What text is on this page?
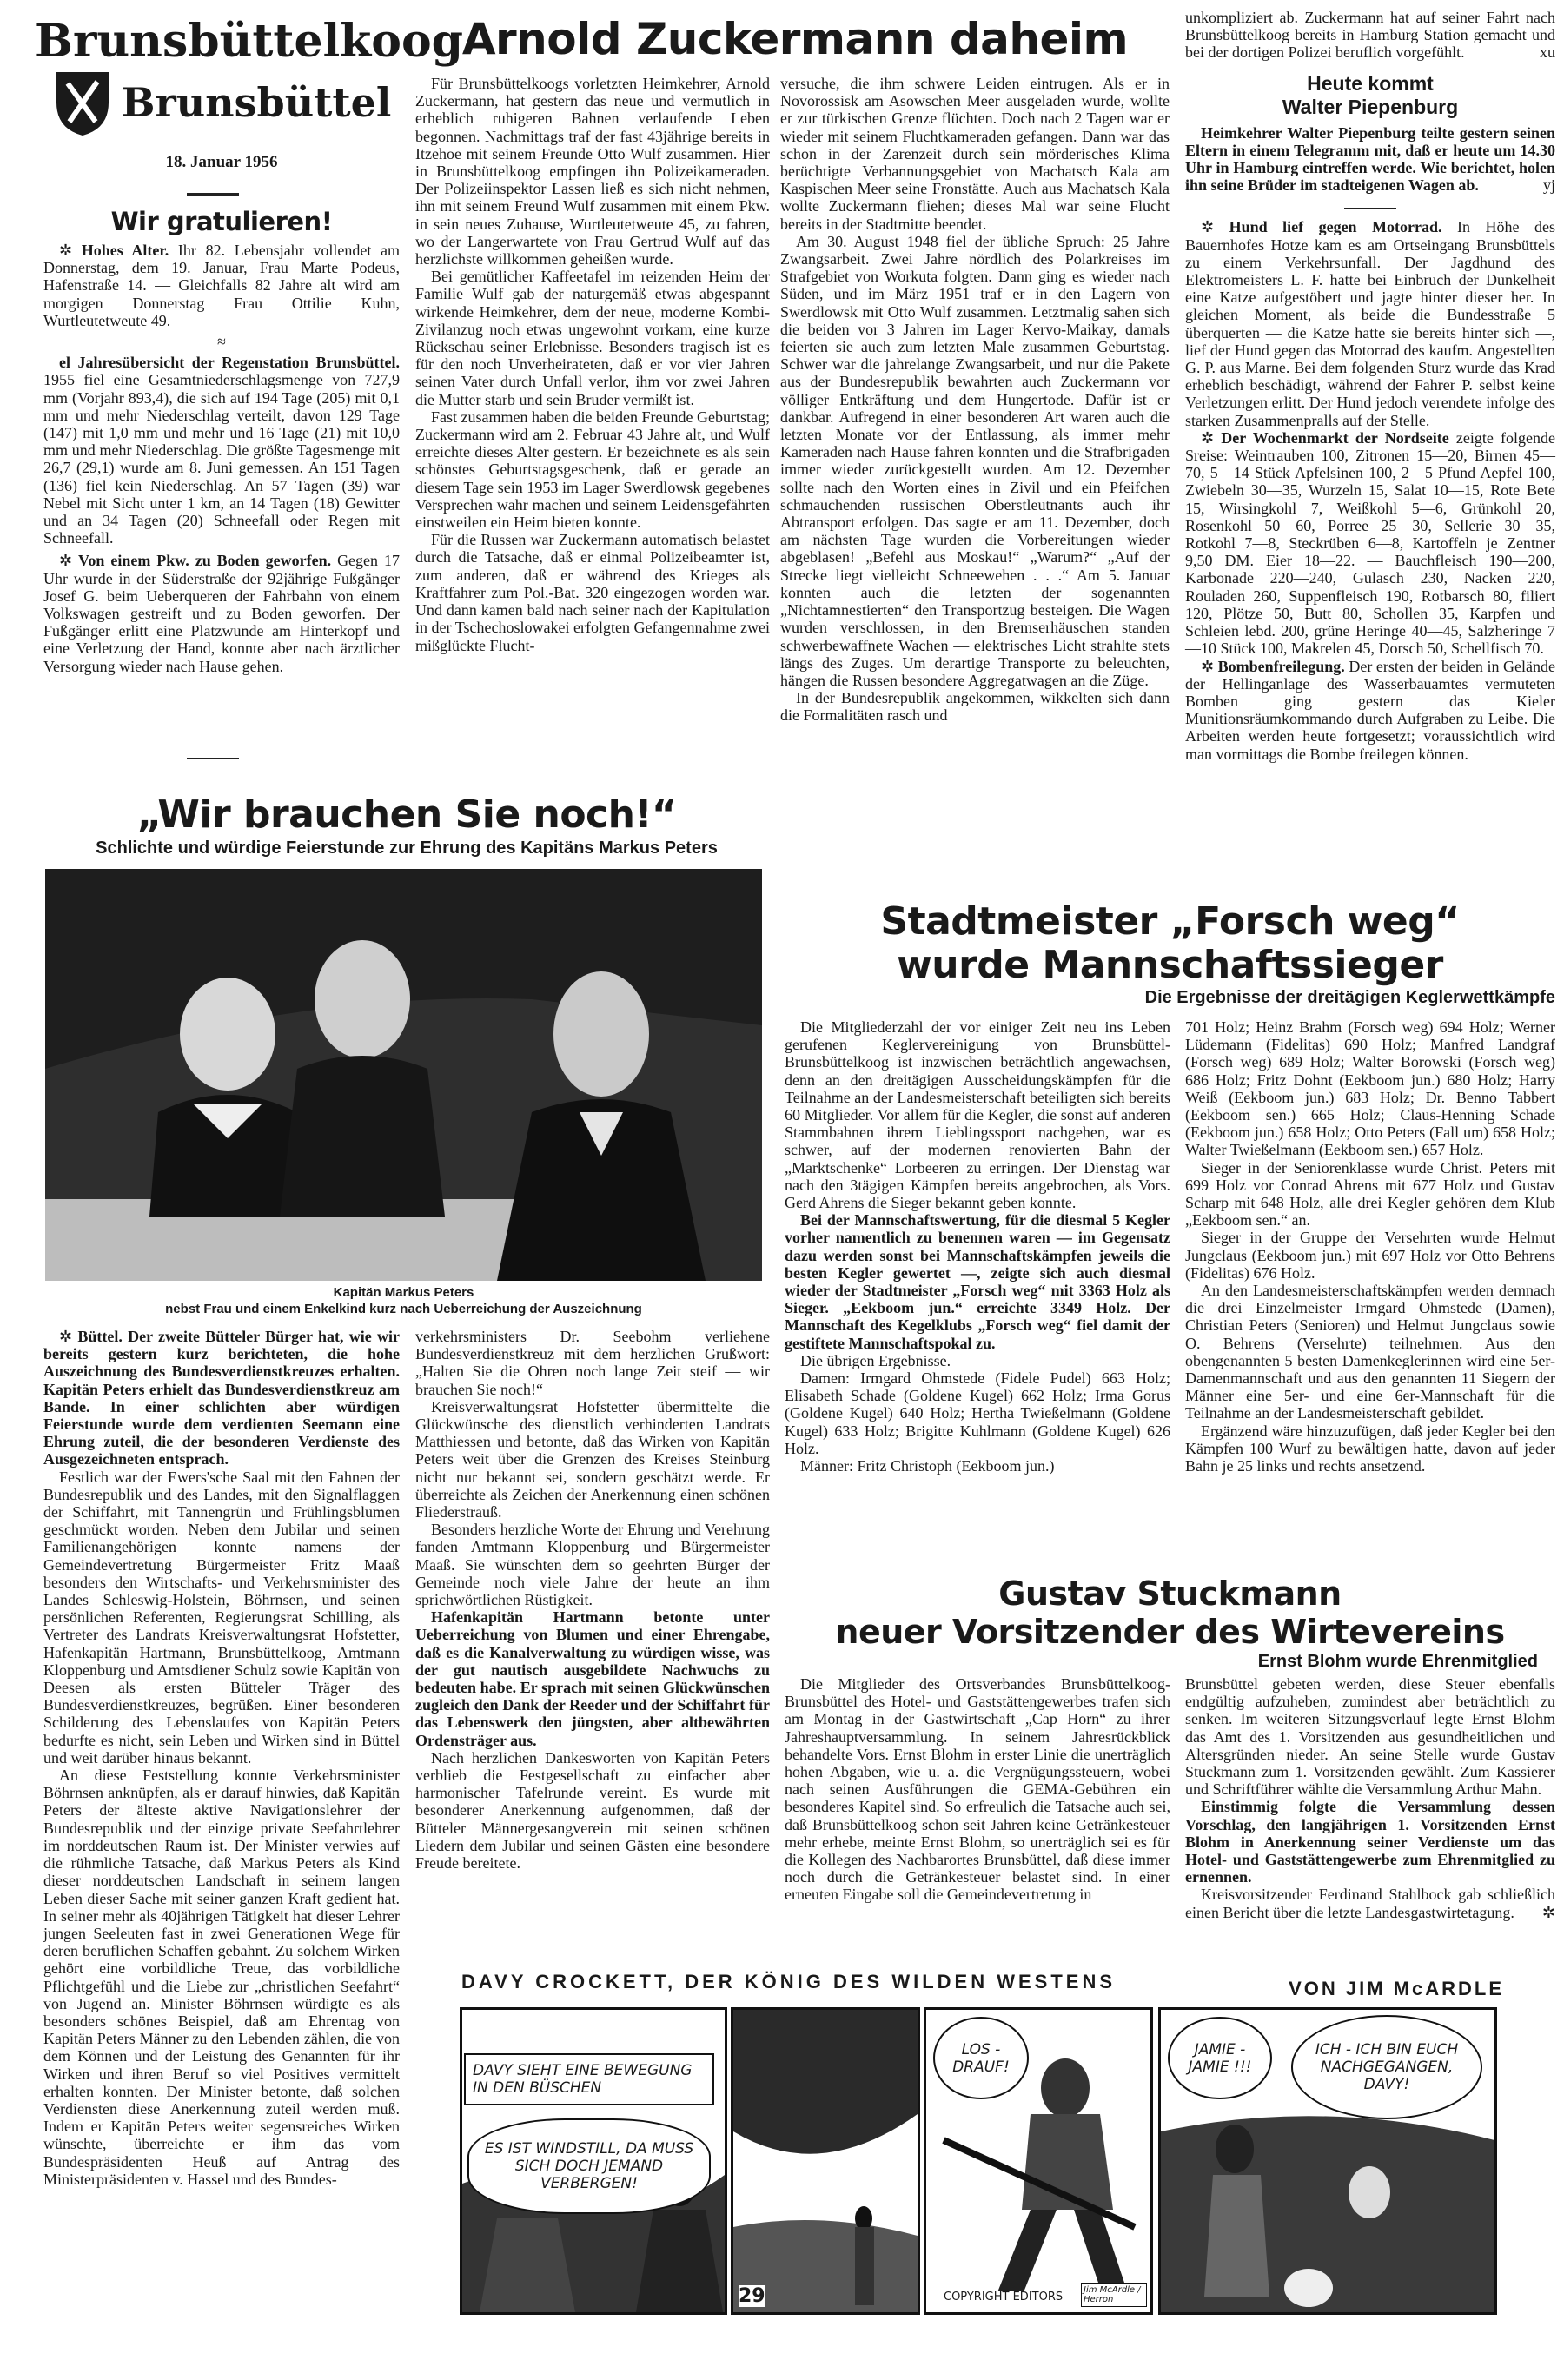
Brunsbüttelkoog
Brunsbüttel
18. Januar 1956
Wir gratulieren!

✲ Hohes Alter. Ihr 82. Lebensjahr vollendet am Donnerstag, dem 19. Januar, Frau Marte Podeus, Hafenstraße 14. — Gleichfalls 82 Jahre alt wird am morgigen Donnerstag Frau Ottilie Kuhn, Wurtleutetweute 49.

≈

el Jahresübersicht der Regenstation Brunsbüttel. 1955 fiel eine Gesamtniederschlagsmenge von 727,9 mm (Vorjahr 893,4), die sich auf 194 Tage (205) mit 0,1 mm und mehr Niederschlag verteilt, davon 129 Tage (147) mit 1,0 mm und mehr und 16 Tage (21) mit 10,0 mm und mehr Niederschlag. Die größte Tagesmenge mit 26,7 (29,1) wurde am 8. Juni gemessen. An 151 Tagen (136) fiel kein Niederschlag. An 57 Tagen (39) war Nebel mit Sicht unter 1 km, an 14 Tagen (18) Gewitter und an 34 Tagen (20) Schneefall oder Regen mit Schneefall.

✲ Von einem Pkw. zu Boden geworfen. Gegen 17 Uhr wurde in der Süderstraße der 92jährige Fußgänger Josef G. beim Ueberqueren der Fahrbahn von einem Volkswagen gestreift und zu Boden geworfen. Der Fußgänger erlitt eine Platzwunde am Hinterkopf und eine Verletzung der Hand, konnte aber nach ärztlicher Versorgung wieder nach Hause gehen.

Arnold Zuckermann daheim

Für Brunsbüttelkoogs vorletzten Heimkehrer, Arnold Zuckermann, hat gestern das neue und vermutlich in erheblich ruhigeren Bahnen verlaufende Leben begonnen. Nachmittags traf der fast 43jährige bereits in Itzehoe mit seinem Freunde Otto Wulf zusammen. Hier in Brunsbüttelkoog empfingen ihn Polizeikameraden. Der Polizeiinspektor Lassen ließ es sich nicht nehmen, ihn mit seinem Freund Wulf zusammen mit einem Pkw. in sein neues Zuhause, Wurtleutetweute 45, zu fahren, wo der Langerwartete von Frau Gertrud Wulf auf das herzlichste willkommen geheißen wurde.

Bei gemütlicher Kaffeetafel im reizenden Heim der Familie Wulf gab der naturgemäß etwas abgespannt wirkende Heimkehrer, dem der neue, moderne Kombi-Zivilanzug noch etwas ungewohnt vorkam, eine kurze Rückschau seiner Erlebnisse. Besonders tragisch ist es für den noch Unverheirateten, daß er vor vier Jahren seinen Vater durch Unfall verlor, ihm vor zwei Jahren die Mutter starb und sein Bruder vermißt ist.

Fast zusammen haben die beiden Freunde Geburtstag; Zuckermann wird am 2. Februar 43 Jahre alt, und Wulf erreichte dieses Alter gestern. Er bezeichnete es als sein schönstes Geburtstagsgeschenk, daß er gerade an diesem Tage sein 1953 im Lager Swerdlowsk gegebenes Versprechen wahr machen und seinem Leidensgefährten einstweilen ein Heim bieten konnte.

Für die Russen war Zuckermann automatisch belastet durch die Tatsache, daß er einmal Polizeibeamter ist, zum anderen, daß er während des Krieges als Kraftfahrer zum Pol.-Bat. 320 eingezogen worden war. Und dann kamen bald nach seiner nach der Kapitulation in der Tschechoslowakei erfolgten Gefangennahme zwei mißglückte Flucht-

versuche, die ihm schwere Leiden eintrugen. Als er in Novorossisk am Asowschen Meer ausgeladen wurde, wollte er zur türkischen Grenze flüchten. Doch nach 2 Tagen war er wieder mit seinem Fluchtkameraden gefangen. Dann war das schon in der Zarenzeit durch sein mörderisches Klima berüchtigte Verbannungsgebiet von Machatsch Kala am Kaspischen Meer seine Fronstätte. Auch aus Machatsch Kala wollte Zuckermann fliehen; dieses Mal war seine Flucht bereits in der Stadtmitte beendet.

Am 30. August 1948 fiel der übliche Spruch: 25 Jahre Zwangsarbeit. Zwei Jahre nördlich des Polarkreises im Strafgebiet von Workuta folgten. Dann ging es wieder nach Süden, und im März 1951 traf er in den Lagern von Swerdlowsk mit Otto Wulf zusammen. Letztmalig sahen sich die beiden vor 3 Jahren im Lager Kervo-Maikay, damals feierten sie auch zum letzten Male zusammen Geburtstag. Schwer war die jahrelange Zwangsarbeit, und nur die Pakete aus der Bundesrepublik bewahrten auch Zuckermann vor völliger Entkräftung und dem Hungertode. Dafür ist er dankbar. Aufregend in einer besonderen Art waren auch die letzten Monate vor der Entlassung, als immer mehr Kameraden nach Hause fahren konnten und die Strafbrigaden immer wieder zurückgestellt wurden. Am 12. Dezember sollte nach den Worten eines in Zivil und ein Pfeifchen schmauchenden russischen Oberstleutnants auch ihr Abtransport erfolgen. Das sagte er am 11. Dezember, doch am nächsten Tage wurden die Vorbereitungen wieder abgeblasen! „Befehl aus Moskau!“ „Warum?“ „Auf der Strecke liegt vielleicht Schneewehen . . .“ Am 5. Januar konnten auch die letzten der sogenannten „Nichtamnestierten“ den Transportzug besteigen. Die Wagen wurden verschlossen, in den Bremserhäuschen standen schwerbewaffnete Wachen — elektrisches Licht strahlte stets längs des Zuges. Um derartige Transporte zu beleuchten, hängen die Russen besondere Aggregatwagen an die Züge.

In der Bundesrepublik angekommen, wikkelten sich dann die Formalitäten rasch und

unkompliziert ab. Zuckermann hat auf seiner Fahrt nach Brunsbüttelkoog bereits in Hamburg Station gemacht und bei der dortigen Polizei beruflich vorgefühlt.	xu

Heute kommt
Walter Piepenburg

Heimkehrer Walter Piepenburg teilte gestern seinen Eltern in einem Telegramm mit, daß er heute um 14.30 Uhr in Hamburg eintreffen werde. Wie berichtet, holen ihn seine Brüder im stadteigenen Wagen ab.	yj

✲ Hund lief gegen Motorrad. In Höhe des Bauernhofes Hotze kam es am Ortseingang Brunsbüttels zu einem Verkehrsunfall. Der Jagdhund des Elektromeisters L. F. hatte bei Einbruch der Dunkelheit eine Katze aufgestöbert und jagte hinter dieser her. In gleichen Moment, als beide die Bundesstraße 5 überquerten — die Katze hatte sie bereits hinter sich —, lief der Hund gegen das Motorrad des kaufm. Angestellten G. P. aus Marne. Bei dem folgenden Sturz wurde das Krad erheblich beschädigt, während der Fahrer P. selbst keine Verletzungen erlitt. Der Hund jedoch verendete infolge des starken Zusammenpralls auf der Stelle.

✲ Der Wochenmarkt der Nordseite zeigte folgende Sreise: Weintrauben 100, Zitronen 15—20, Birnen 45—70, 5—14 Stück Apfelsinen 100, 2—5 Pfund Aepfel 100, Zwiebeln 30—35, Wurzeln 15, Salat 10—15, Rote Bete 15, Wirsingkohl 7, Weißkohl 5—6, Grünkohl 20, Rosenkohl 50—60, Porree 25—30, Sellerie 30—35, Rotkohl 7—8, Steckrüben 6—8, Kartoffeln je Zentner 9,50 DM. Eier 18—22. — Bauchfleisch 190—200, Karbonade 220—240, Gulasch 230, Nacken 220, Rouladen 260, Suppenfleisch 190, Rotbarsch 80, filiert 120, Plötze 50, Butt 80, Schollen 35, Karpfen und Schleien lebd. 200, grüne Heringe 40—45, Salzheringe 7—10 Stück 100, Makrelen 45, Dorsch 50, Schellfisch 70.

✲ Bombenfreilegung. Der ersten der beiden in Gelände der Hellinganlage des Wasserbauamtes vermuteten Bomben ging gestern das Kieler Munitionsräumkommando durch Aufgraben zu Leibe. Die Arbeiten werden heute fortgesetzt; voraussichtlich wird man vormittags die Bombe freilegen können.

„Wir brauchen Sie noch!“
Schlichte und würdige Feierstunde zur Ehrung des Kapitäns Markus Peters
Kapitän Markus Peters
nebst Frau und einem Enkelkind kurz nach Ueberreichung der Auszeichnung

✲ Büttel. Der zweite Bütteler Bürger hat, wie wir bereits gestern kurz berichteten, die hohe Auszeichnung des Bundesverdienstkreuzes erhalten. Kapitän Peters erhielt das Bundesverdienstkreuz am Bande. In einer schlichten aber würdigen Feierstunde wurde dem verdienten Seemann eine Ehrung zuteil, die der besonderen Verdienste des Ausgezeichneten entsprach.

Festlich war der Ewers'sche Saal mit den Fahnen der Bundesrepublik und des Landes, mit den Signalflaggen der Schiffahrt, mit Tannengrün und Frühlingsblumen geschmückt worden. Neben dem Jubilar und seinen Familienangehörigen konnte namens der Gemeindevertretung Bürgermeister Fritz Maaß besonders den Wirtschafts- und Verkehrsminister des Landes Schleswig-Holstein, Böhrnsen, und seinen persönlichen Referenten, Regierungsrat Schilling, als Vertreter des Landrats Kreisverwaltungsrat Hofstetter, Hafenkapitän Hartmann, Brunsbüttelkoog, Amtmann Kloppenburg und Amtsdiener Schulz sowie Kapitän von Deesen als ersten Bütteler Träger des Bundesverdienstkreuzes, begrüßen. Einer besonderen Schilderung des Lebenslaufes von Kapitän Peters bedurfte es nicht, sein Leben und Wirken sind in Büttel und weit darüber hinaus bekannt.

An diese Feststellung konnte Verkehrsminister Böhrnsen anknüpfen, als er darauf hinwies, daß Kapitän Peters der älteste aktive Navigationslehrer der Bundesrepublik und der einzige private Seefahrtlehrer im norddeutschen Raum ist. Der Minister verwies auf die rühmliche Tatsache, daß Markus Peters als Kind dieser norddeutschen Landschaft in seinem langen Leben dieser Sache mit seiner ganzen Kraft gedient hat. In seiner mehr als 40jährigen Tätigkeit hat dieser Lehrer jungen Seeleuten fast in zwei Generationen Wege für deren beruflichen Schaffen gebahnt. Zu solchem Wirken gehört eine vorbildliche Treue, das vorbildliche Pflichtgefühl und die Liebe zur „christlichen Seefahrt“ von Jugend an. Minister Böhrnsen würdigte es als besonders schönes Beispiel, daß am Ehrentag von Kapitän Peters Männer zu den Lebenden zählen, die von dem Können und der Leistung des Genannten für ihr Wirken und ihren Beruf so viel Positives vermittelt erhalten konnten. Der Minister betonte, daß solchen Verdiensten diese Anerkennung zuteil werden muß. Indem er Kapitän Peters weiter segensreiches Wirken wünschte, überreichte er ihm das vom Bundespräsidenten Heuß auf Antrag des Ministerpräsidenten v. Hassel und des Bundes-

verkehrsministers Dr. Seebohm verliehene Bundesverdienstkreuz mit dem herzlichen Grußwort: „Halten Sie die Ohren noch lange Zeit steif — wir brauchen Sie noch!“

Kreisverwaltungsrat Hofstetter übermittelte die Glückwünsche des dienstlich verhinderten Landrats Matthiessen und betonte, daß das Wirken von Kapitän Peters weit über die Grenzen des Kreises Steinburg nicht nur bekannt sei, sondern geschätzt werde. Er überreichte als Zeichen der Anerkennung einen schönen Fliederstrauß.

Besonders herzliche Worte der Ehrung und Verehrung fanden Amtmann Kloppenburg und Bürgermeister Maaß. Sie wünschten dem so geehrten Bürger der Gemeinde noch viele Jahre der heute an ihm sprichwörtlichen Rüstigkeit.

Hafenkapitän Hartmann betonte unter Ueberreichung von Blumen und einer Ehrengabe, daß es die Kanalverwaltung zu würdigen wisse, was der gut nautisch ausgebildete Nachwuchs zu bedeuten habe. Er sprach mit seinen Glückwünschen zugleich den Dank der Reeder und der Schiffahrt für das Lebenswerk den jüngsten, aber altbewährten Ordensträger aus.

Nach herzlichen Dankesworten von Kapitän Peters verblieb die Festgesellschaft zu einfacher aber harmonischer Tafelrunde vereint. Es wurde mit besonderer Anerkennung aufgenommen, daß der Bütteler Männergesangverein mit seinen schönen Liedern dem Jubilar und seinen Gästen eine besondere Freude bereitete.

Stadtmeister „Forsch weg“
wurde Mannschaftssieger
Die Ergebnisse der dreitägigen Keglerwettkämpfe

Die Mitgliederzahl der vor einiger Zeit neu ins Leben gerufenen Keglervereinigung von Brunsbüttel-Brunsbüttelkoog ist inzwischen beträchtlich angewachsen, denn an den dreitägigen Ausscheidungskämpfen für die Teilnahme an der Landesmeisterschaft beteiligten sich bereits 60 Mitglieder. Vor allem für die Kegler, die sonst auf anderen Stammbahnen ihrem Lieblingssport nachgehen, war es schwer, auf der modernen renovierten Bahn der „Marktschenke“ Lorbeeren zu erringen. Der Dienstag war nach den 3tägigen Kämpfen bereits angebrochen, als Vors. Gerd Ahrens die Sieger bekannt geben konnte.

Bei der Mannschaftswertung, für die diesmal 5 Kegler vorher namentlich zu benennen waren — im Gegensatz dazu werden sonst bei Mannschaftskämpfen jeweils die besten Kegler gewertet —, zeigte sich auch diesmal wieder der Stadtmeister „Forsch weg“ mit 3363 Holz als Sieger. „Eekboom jun.“ erreichte 3349 Holz. Der Mannschaft des Kegelklubs „Forsch weg“ fiel damit der gestiftete Mannschaftspokal zu.

Die übrigen Ergebnisse.

Damen: Irmgard Ohmstede (Fidele Pudel) 663 Holz; Elisabeth Schade (Goldene Kugel) 662 Holz; Irma Gorus (Goldene Kugel) 640 Holz; Hertha Twießelmann (Goldene Kugel) 633 Holz; Brigitte Kuhlmann (Goldene Kugel) 626 Holz.

Männer: Fritz Christoph (Eekboom jun.)

701 Holz; Heinz Brahm (Forsch weg) 694 Holz; Werner Lüdemann (Fidelitas) 690 Holz; Manfred Landgraf (Forsch weg) 689 Holz; Walter Borowski (Forsch weg) 686 Holz; Fritz Dohnt (Eekboom jun.) 680 Holz; Harry Weiß (Eekboom jun.) 683 Holz; Dr. Benno Tabbert (Eekboom sen.) 665 Holz; Claus-Henning Schade (Eekboom jun.) 658 Holz; Otto Peters (Fall um) 658 Holz; Walter Twießelmann (Eekboom sen.) 657 Holz.

Sieger in der Seniorenklasse wurde Christ. Peters mit 699 Holz vor Conrad Ahrens mit 677 Holz und Gustav Scharp mit 648 Holz, alle drei Kegler gehören dem Klub „Eekboom sen.“ an.

Sieger in der Gruppe der Versehrten wurde Helmut Jungclaus (Eekboom jun.) mit 697 Holz vor Otto Behrens (Fidelitas) 676 Holz.

An den Landesmeisterschaftskämpfen werden demnach die drei Einzelmeister Irmgard Ohmstede (Damen), Christian Peters (Senioren) und Helmut Jungclaus sowie O. Behrens (Versehrte) teilnehmen. Aus den obengenannten 5 besten Damenkeglerinnen wird eine 5er-Damenmannschaft und aus den genannten 11 Siegern der Männer eine 5er- und eine 6er-Mannschaft für die Teilnahme an der Landesmeisterschaft gebildet.

Ergänzend wäre hinzuzufügen, daß jeder Kegler bei den Kämpfen 100 Wurf zu bewältigen hatte, davon auf jeder Bahn je 25 links und rechts ansetzend.

Gustav Stuckmann
neuer Vorsitzender des Wirtevereins
Ernst Blohm wurde Ehrenmitglied

Die Mitglieder des Ortsverbandes Brunsbüttelkoog-Brunsbüttel des Hotel- und Gaststättengewerbes trafen sich am Montag in der Gastwirtschaft „Cap Horn“ zu ihrer Jahreshauptversammlung. In seinem Jahresrückblick behandelte Vors. Ernst Blohm in erster Linie die unerträglich hohen Abgaben, wie u. a. die Vergnügungssteuern, wobei nach seinen Ausführungen die GEMA-Gebühren ein besonderes Kapitel sind. So erfreulich die Tatsache auch sei, daß Brunsbüttelkoog schon seit Jahren keine Getränkesteuer mehr erhebe, meinte Ernst Blohm, so unerträglich sei es für die Kollegen des Nachbarortes Brunsbüttel, daß diese immer noch durch die Getränkesteuer belastet sind. In einer erneuten Eingabe soll die Gemeindevertretung in

Brunsbüttel gebeten werden, diese Steuer ebenfalls endgültig aufzuheben, zumindest aber beträchtlich zu senken. Im weiteren Sitzungsverlauf legte Ernst Blohm das Amt des 1. Vorsitzenden aus gesundheitlichen und Altersgründen nieder. An seine Stelle wurde Gustav Stuckmann zum 1. Vorsitzenden gewählt. Zum Kassierer und Schriftführer wählte die Versammlung Arthur Mahn.

Einstimmig folgte die Versammlung dessen Vorschlag, den langjährigen 1. Vorsitzenden Ernst Blohm in Anerkennung seiner Verdienste um das Hotel- und Gaststättengewerbe zum Ehrenmitglied zu ernennen.

Kreisvorsitzender Ferdinand Stahlbock gab schließlich einen Bericht über die letzte Landesgastwirtetagung.	✲

DAVY CROCKETT, DER KÖNIG DES WILDEN WESTENS	VON JIM McARDLE
DAVY SIEHT EINE BEWEGUNG IN DEN BÜSCHEN
ES IST WINDSTILL, DA MUSS SICH DOCH JEMAND VERBERGEN!
29
LOS - DRAUF!
COPYRIGHT EDITORS
Jim McArdle / Herron
JAMIE - JAMIE !!!
ICH - ICH BIN EUCH NACHGEGANGEN, DAVY!
